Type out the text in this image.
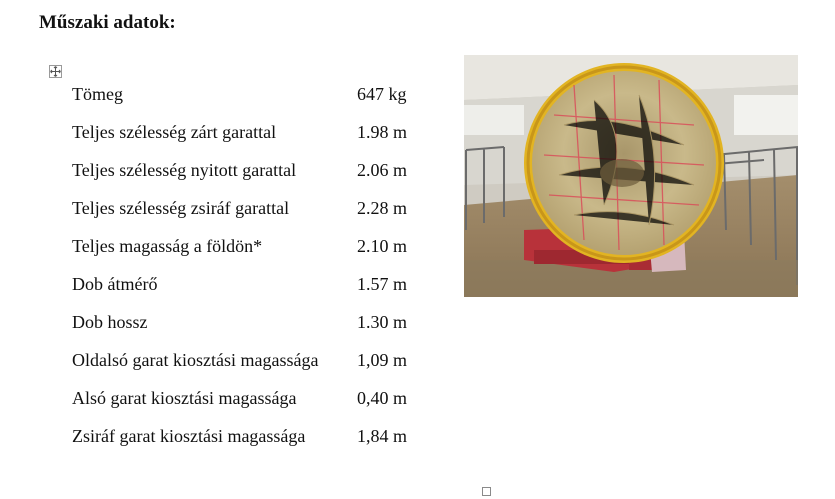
Műszaki adatok:
Tömeg	647 kg
Teljes szélesség zárt garattal	1.98 m
Teljes szélesség nyitott garattal	2.06 m
Teljes szélesség zsiráf garattal	2.28 m
Teljes magasság a földön*	2.10 m
Dob átmérő	1.57 m
Dob hossz	1.30 m
Oldalsó garat kiosztási magassága	1,09 m
Alsó garat kiosztási magassága	0,40 m
Zsiráf garat kiosztási magassága	1,84 m
